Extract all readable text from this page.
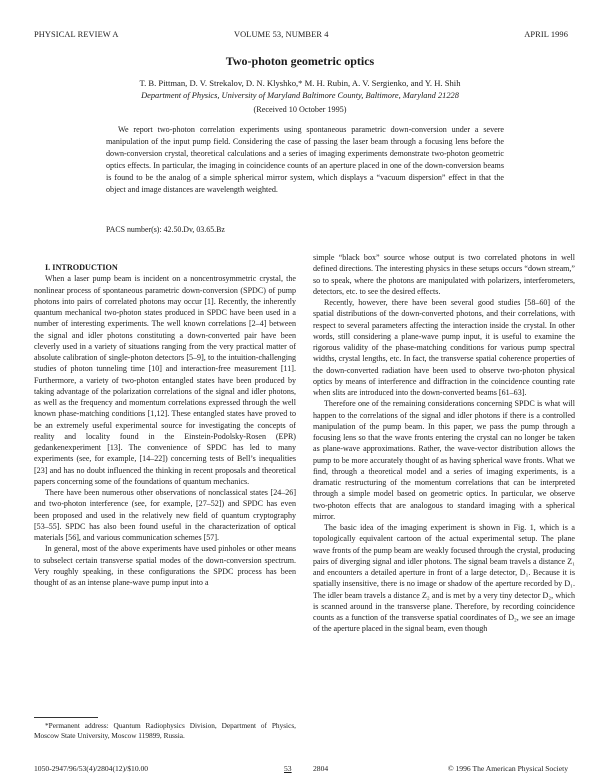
PHYSICAL REVIEW A	VOLUME 53, NUMBER 4	APRIL 1996
Two-photon geometric optics
T. B. Pittman, D. V. Strekalov, D. N. Klyshko,* M. H. Rubin, A. V. Sergienko, and Y. H. Shih
Department of Physics, University of Maryland Baltimore County, Baltimore, Maryland 21228
(Received 10 October 1995)

We report two-photon correlation experiments using spontaneous parametric down-conversion under a severe manipulation of the input pump field. Considering the case of passing the laser beam through a focusing lens before the down-conversion crystal, theoretical calculations and a series of imaging experiments demonstrate two-photon geometric optics effects. In particular, the imaging in coincidence counts of an aperture placed in one of the down-conversion beams is found to be the analog of a simple spherical mirror system, which displays a “vacuum dispersion” effect in that the object and image distances are wavelength weighted.

PACS number(s): 42.50.Dv, 03.65.Bz

I. INTRODUCTION

When a laser pump beam is incident on a noncentrosymmetric crystal, the nonlinear process of spontaneous parametric down-conversion (SPDC) of pump photons into pairs of correlated photons may occur [1]. Recently, the inherently quantum mechanical two-photon states produced in SPDC have been used in a number of interesting experiments. The well known correlations [2–4] between the signal and idler photons constituting a down-converted pair have been cleverly used in a variety of situations ranging from the very practical matter of absolute calibration of single-photon detectors [5–9], to the intuition-challenging studies of photon tunneling time [10] and interaction-free measurement [11]. Furthermore, a variety of two-photon entangled states have been produced by taking advantage of the polarization correlations of the signal and idler photons, as well as the frequency and momentum correlations expressed through the well known phase-matching conditions [1,12]. These entangled states have proved to be an extremely useful experimental source for investigating the concepts of reality and locality found in the Einstein-Podolsky-Rosen (EPR) gedankenexperiment [13]. The convenience of SPDC has led to many experiments (see, for example, [14–22]) concerning tests of Bell’s inequalities [23] and has no doubt influenced the thinking in recent proposals and theoretical papers concerning some of the foundations of quantum mechanics.

There have been numerous other observations of nonclassical states [24–26] and two-photon interference (see, for example, [27–52]) and SPDC has even been proposed and used in the relatively new field of quantum cryptography [53–55]. SPDC has also been found useful in the characterization of optical materials [56], and various communication schemes [57].

In general, most of the above experiments have used pinholes or other means to subselect certain transverse spatial modes of the down-conversion spectrum. Very roughly speaking, in these configurations the SPDC process has been thought of as an intense plane-wave pump input into a

*Permanent address: Quantum Radiophysics Division, Department of Physics, Moscow State University, Moscow 119899, Russia.

simple “black box” source whose output is two correlated photons in well defined directions. The interesting physics in these setups occurs “down stream,” so to speak, where the photons are manipulated with polarizers, interferometers, detectors, etc. to see the desired effects.

Recently, however, there have been several good studies [58–60] of the spatial distributions of the down-converted photons, and their correlations, with respect to several parameters affecting the interaction inside the crystal. In other words, still considering a plane-wave pump input, it is useful to examine the rigorous validity of the phase-matching conditions for various pump spectral widths, crystal lengths, etc. In fact, the transverse spatial coherence properties of the down-converted radiation have been used to observe two-photon physical optics by means of interference and diffraction in the coincidence counting rate when slits are introduced into the down-converted beams [61–63].

Therefore one of the remaining considerations concerning SPDC is what will happen to the correlations of the signal and idler photons if there is a controlled manipulation of the pump beam. In this paper, we pass the pump through a focusing lens so that the wave fronts entering the crystal can no longer be taken as plane-wave approximations. Rather, the wave-vector distribution allows the pump to be more accurately thought of as having spherical wave fronts. What we find, through a theoretical model and a series of imaging experiments, is a dramatic restructuring of the momentum correlations that can be interpreted through a simple model based on geometric optics. In particular, we observe two-photon effects that are analogous to standard imaging with a spherical mirror.

The basic idea of the imaging experiment is shown in Fig. 1, which is a topologically equivalent cartoon of the actual experimental setup. The plane wave fronts of the pump beam are weakly focused through the crystal, producing pairs of diverging signal and idler photons. The signal beam travels a distance Z₁ and encounters a detailed aperture in front of a large detector, D₁. Because it is spatially insensitive, there is no image or shadow of the aperture recorded by D₁. The idler beam travels a distance Z₂ and is met by a very tiny detector D₂, which is scanned around in the transverse plane. Therefore, by recording coincidence counts as a function of the transverse spatial coordinates of D₂, we see an image of the aperture placed in the signal beam, even though

1050-2947/96/53(4)/2804(12)/$10.00	53	2804	© 1996 The American Physical Society
